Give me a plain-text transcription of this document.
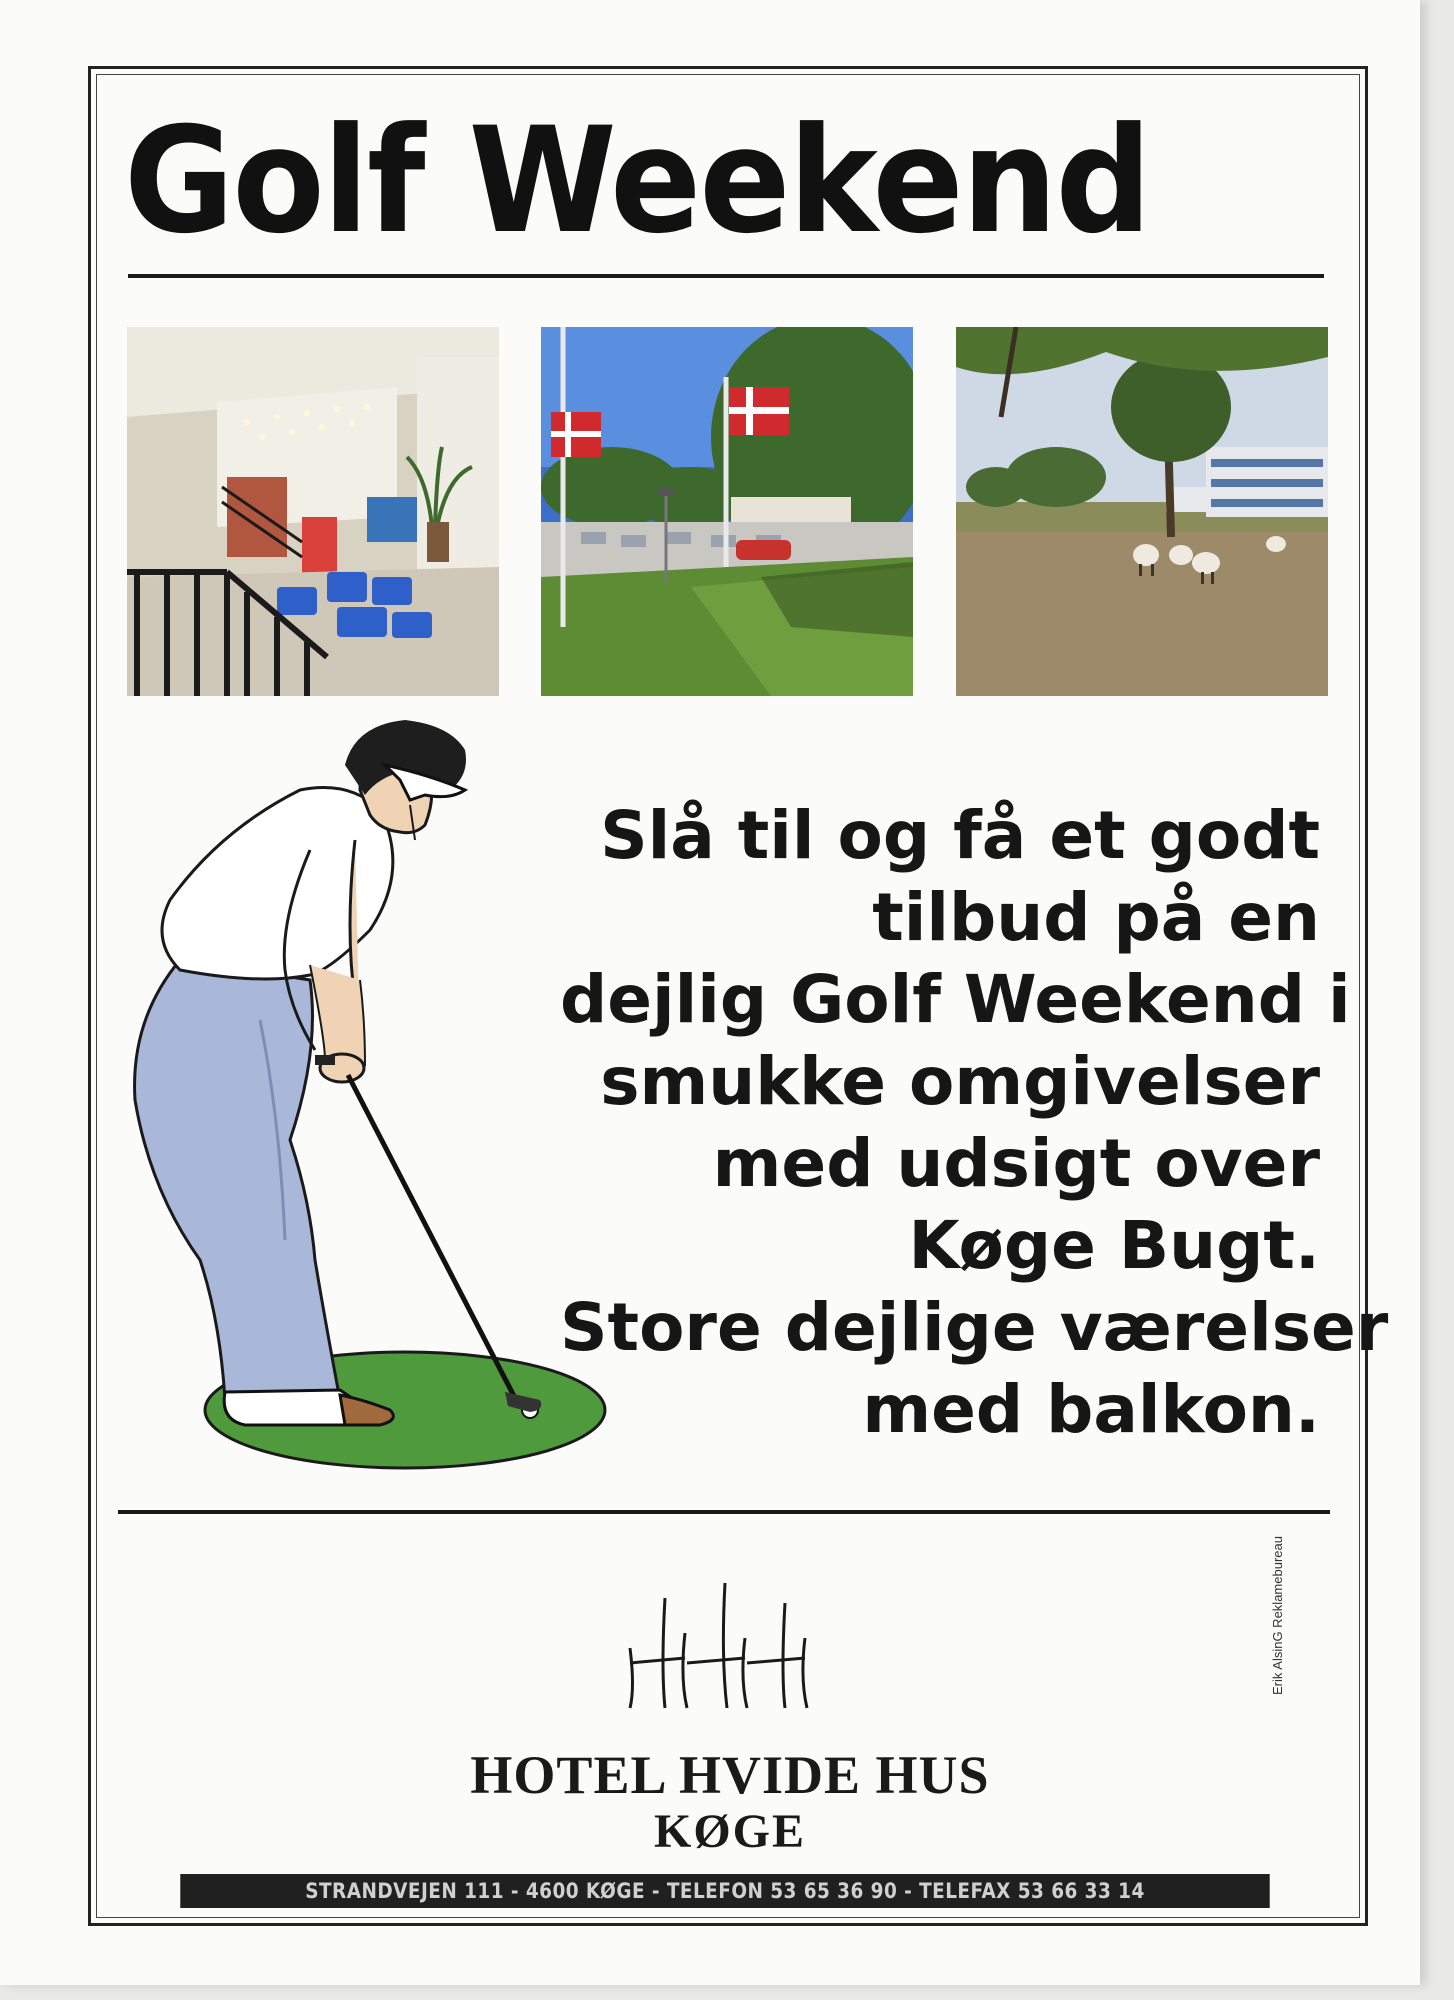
Golf Weekend
Slå til og få et godt
tilbud på en
dejlig Golf Weekend i
smukke omgivelser
med udsigt over
Køge Bugt.
Store dejlige værelser
med balkon.
HOTEL HVIDE HUS
KØGE
Erik AlsinG Reklamebureau
STRANDVEJEN 111 - 4600 KØGE - TELEFON 53 65 36 90 - TELEFAX 53 66 33 14
